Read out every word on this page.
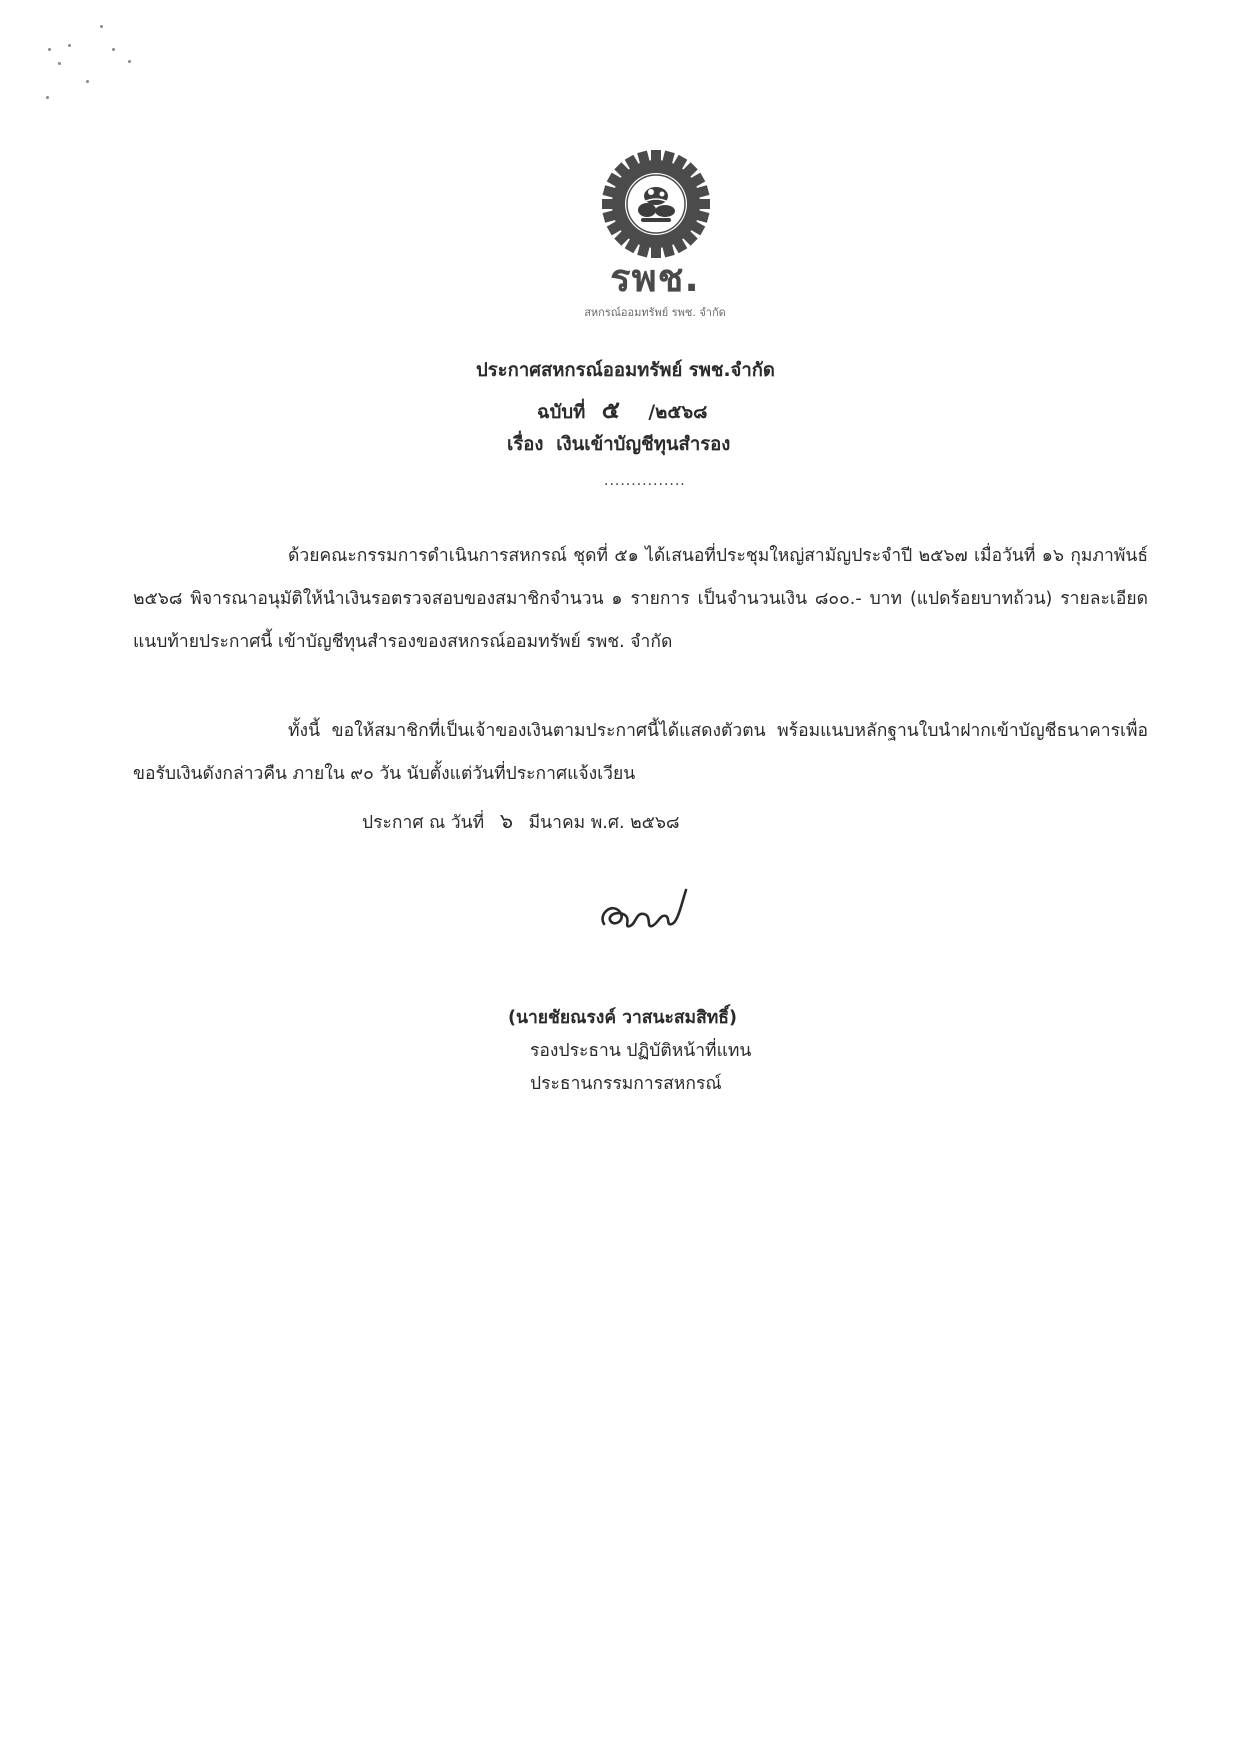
รพช.
สหกรณ์ออมทรัพย์ รพช. จำกัด
ประกาศสหกรณ์ออมทรัพย์ รพช.จำกัด
ฉบับที่ ๕ /๒๕๖๘
เรื่อง เงินเข้าบัญชีทุนสำรอง
...............
ด้วยคณะกรรมการดำเนินการสหกรณ์ ชุดที่ ๕๑ ได้เสนอที่ประชุมใหญ่สามัญประจำปี ๒๕๖๗ เมื่อวันที่ ๑๖ กุมภาพันธ์ ๒๕๖๘ พิจารณาอนุมัติให้นำเงินรอตรวจสอบของสมาชิกจำนวน ๑ รายการ เป็นจำนวนเงิน ๘๐๐.- บาท (แปดร้อยบาทถ้วน) รายละเอียดแนบท้ายประกาศนี้ เข้าบัญชีทุนสำรองของสหกรณ์ออมทรัพย์ รพช. จำกัด
ทั้งนี้ ขอให้สมาชิกที่เป็นเจ้าของเงินตามประกาศนี้ได้แสดงตัวตน พร้อมแนบหลักฐานใบนำฝากเข้าบัญชีธนาคารเพื่อขอรับเงินดังกล่าวคืน ภายใน ๙๐ วัน นับตั้งแต่วันที่ประกาศแจ้งเวียน
ประกาศ ณ วันที่ ๖ มีนาคม พ.ศ. ๒๕๖๘
(นายชัยณรงค์ วาสนะสมสิทธิ์)
รองประธาน ปฏิบัติหน้าที่แทน
ประธานกรรมการสหกรณ์
